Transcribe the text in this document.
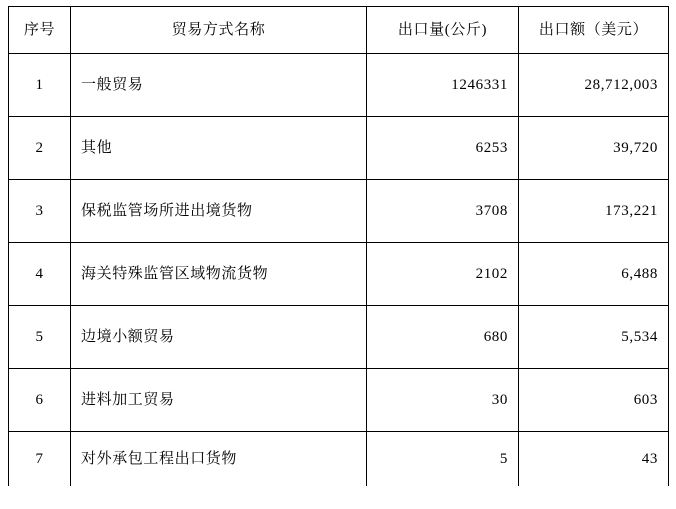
序号	贸易方式名称	出口量(公斤)	出口额（美元）
1	一般贸易	1246331	28,712,003
2	其他	6253	39,720
3	保税监管场所进出境货物	3708	173,221
4	海关特殊监管区域物流货物	2102	6,488
5	边境小额贸易	680	5,534
6	进料加工贸易	30	603
7	对外承包工程出口货物	5	43
